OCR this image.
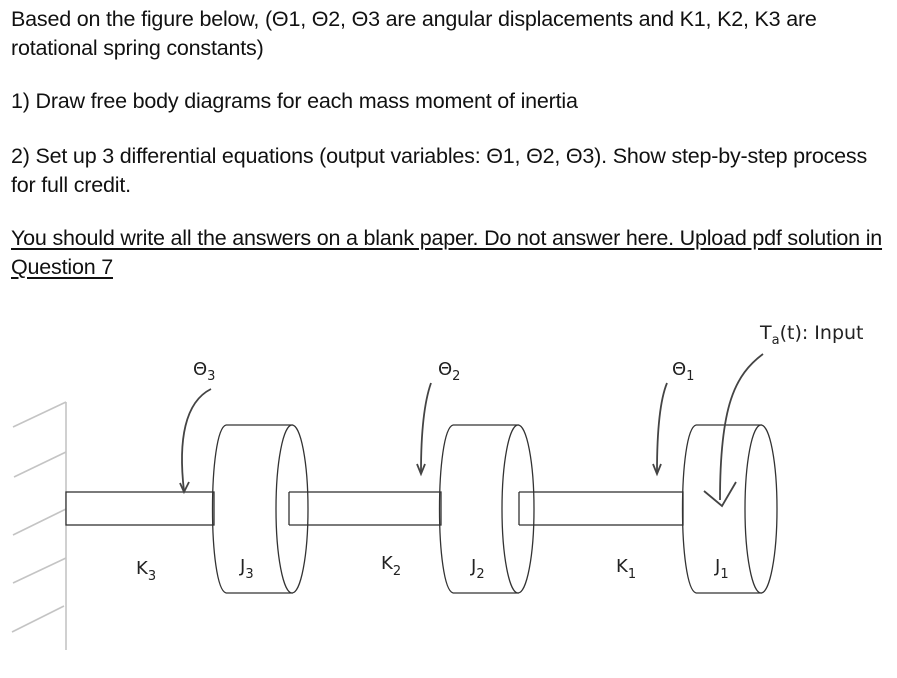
Based on the figure below, (Θ1, Θ2, Θ3 are angular displacements and K1, K2, K3 are rotational spring constants)

1) Draw free body diagrams for each mass moment of inertia

2) Set up 3 differential equations (output variables: Θ1, Θ2, Θ3). Show step-by-step process for full credit.

You should write all the answers on a blank paper. Do not answer here. Upload pdf solution in Question 7

$\Theta_3$	$\Theta_2$	$\Theta_1$
$T_a(t)$: Input
$K_3$	$J_3$
$K_2$	$J_2$	$K_1$	$J_1$
